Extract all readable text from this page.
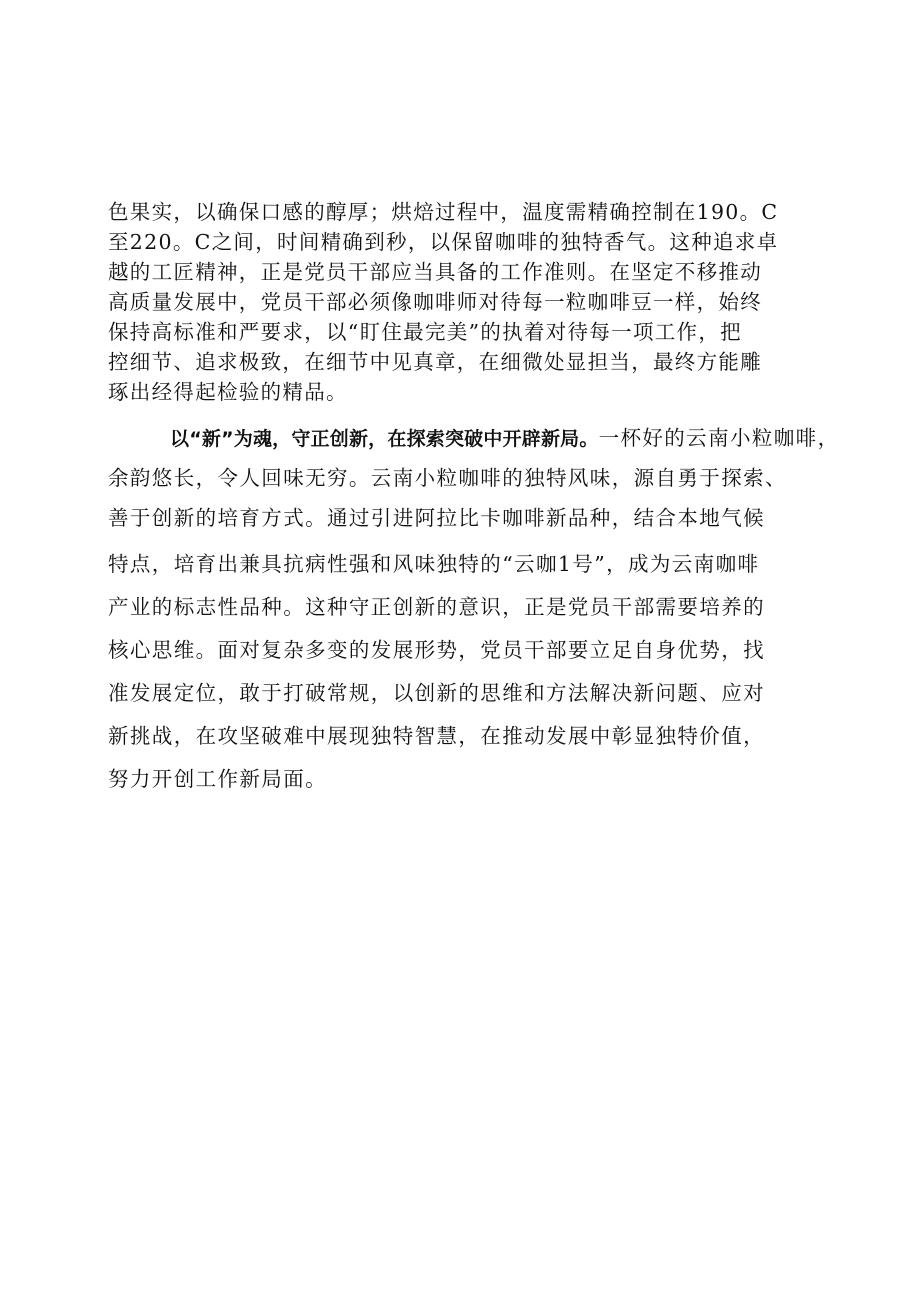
色果实，以确保口感的醇厚；烘焙过程中，温度需精确控制在190。C

至220。C之间，时间精确到秒，以保留咖啡的独特香气。这种追求卓

越的工匠精神，正是党员干部应当具备的工作准则。在坚定不移推动

高质量发展中，党员干部必须像咖啡师对待每一粒咖啡豆一样，始终

保持高标准和严要求，以“盯住最完美”的执着对待每一项工作，把

控细节、追求极致，在细节中见真章，在细微处显担当，最终方能雕

琢出经得起检验的精品。

以“新”为魂，守正创新，在探索突破中开辟新局。一杯好的云南小粒咖啡，

余韵悠长，令人回味无穷。云南小粒咖啡的独特风味，源自勇于探索、

善于创新的培育方式。通过引进阿拉比卡咖啡新品种，结合本地气候

特点，培育出兼具抗病性强和风味独特的“云咖1号”，成为云南咖啡

产业的标志性品种。这种守正创新的意识，正是党员干部需要培养的

核心思维。面对复杂多变的发展形势，党员干部要立足自身优势，找

准发展定位，敢于打破常规，以创新的思维和方法解决新问题、应对

新挑战，在攻坚破难中展现独特智慧，在推动发展中彰显独特价值，

努力开创工作新局面。
